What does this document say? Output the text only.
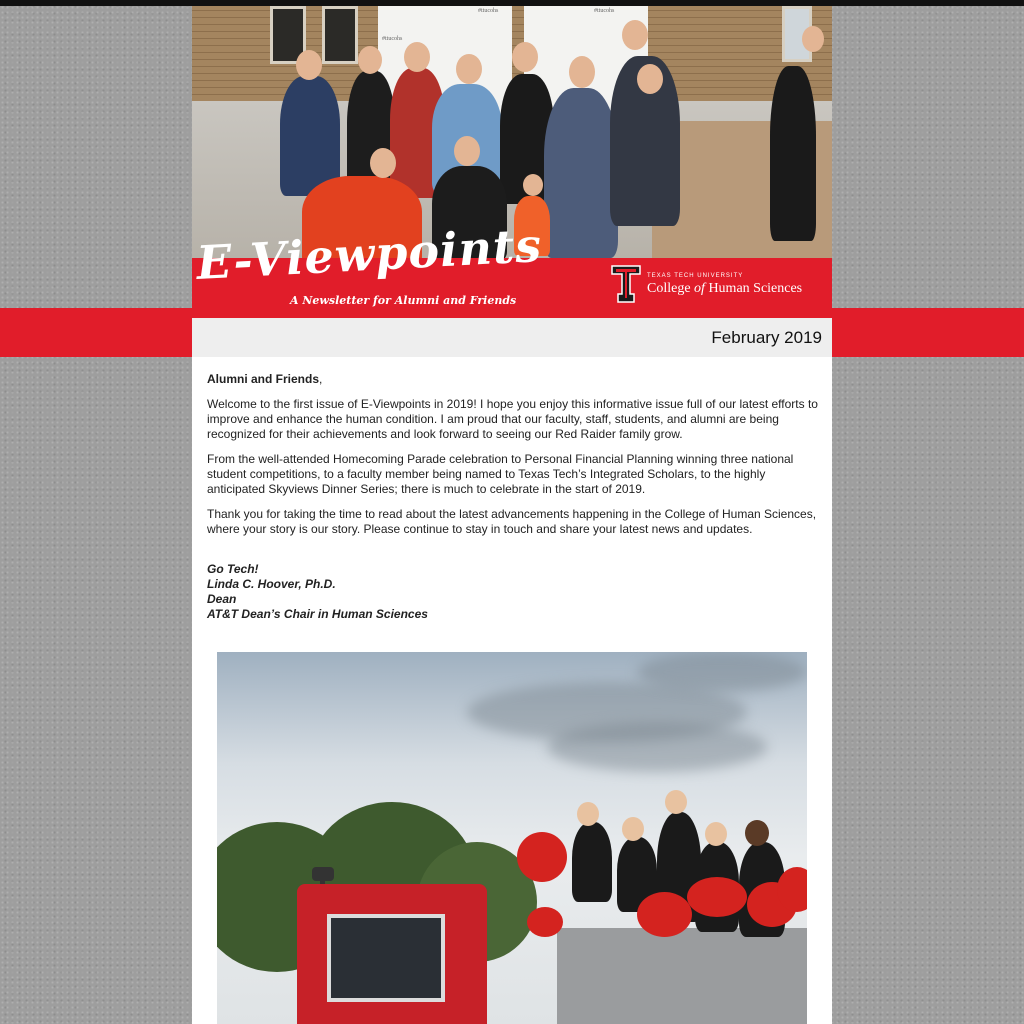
#ttucohs
#ttucohs
#ttucohs
E-Viewpoints
A Newsletter for Alumni and Friends
TEXAS TECH UNIVERSITY
College of Human Sciences
February 2019

Alumni and Friends,

Welcome to the first issue of E-Viewpoints in 2019! I hope you enjoy this informative issue full of our latest efforts to improve and enhance the human condition. I am proud that our faculty, staff, students, and alumni are being recognized for their achievements and look forward to seeing our Red Raider family grow.

From the well-attended Homecoming Parade celebration to Personal Financial Planning winning three national student competitions, to a faculty member being named to Texas Tech’s Integrated Scholars, to the highly anticipated Skyviews Dinner Series; there is much to celebrate in the start of 2019.

Thank you for taking the time to read about the latest advancements happening in the College of Human Sciences, where your story is our story. Please continue to stay in touch and share your latest news and updates.

Go Tech!
Linda C. Hoover, Ph.D.
Dean
AT&T Dean’s Chair in Human Sciences
